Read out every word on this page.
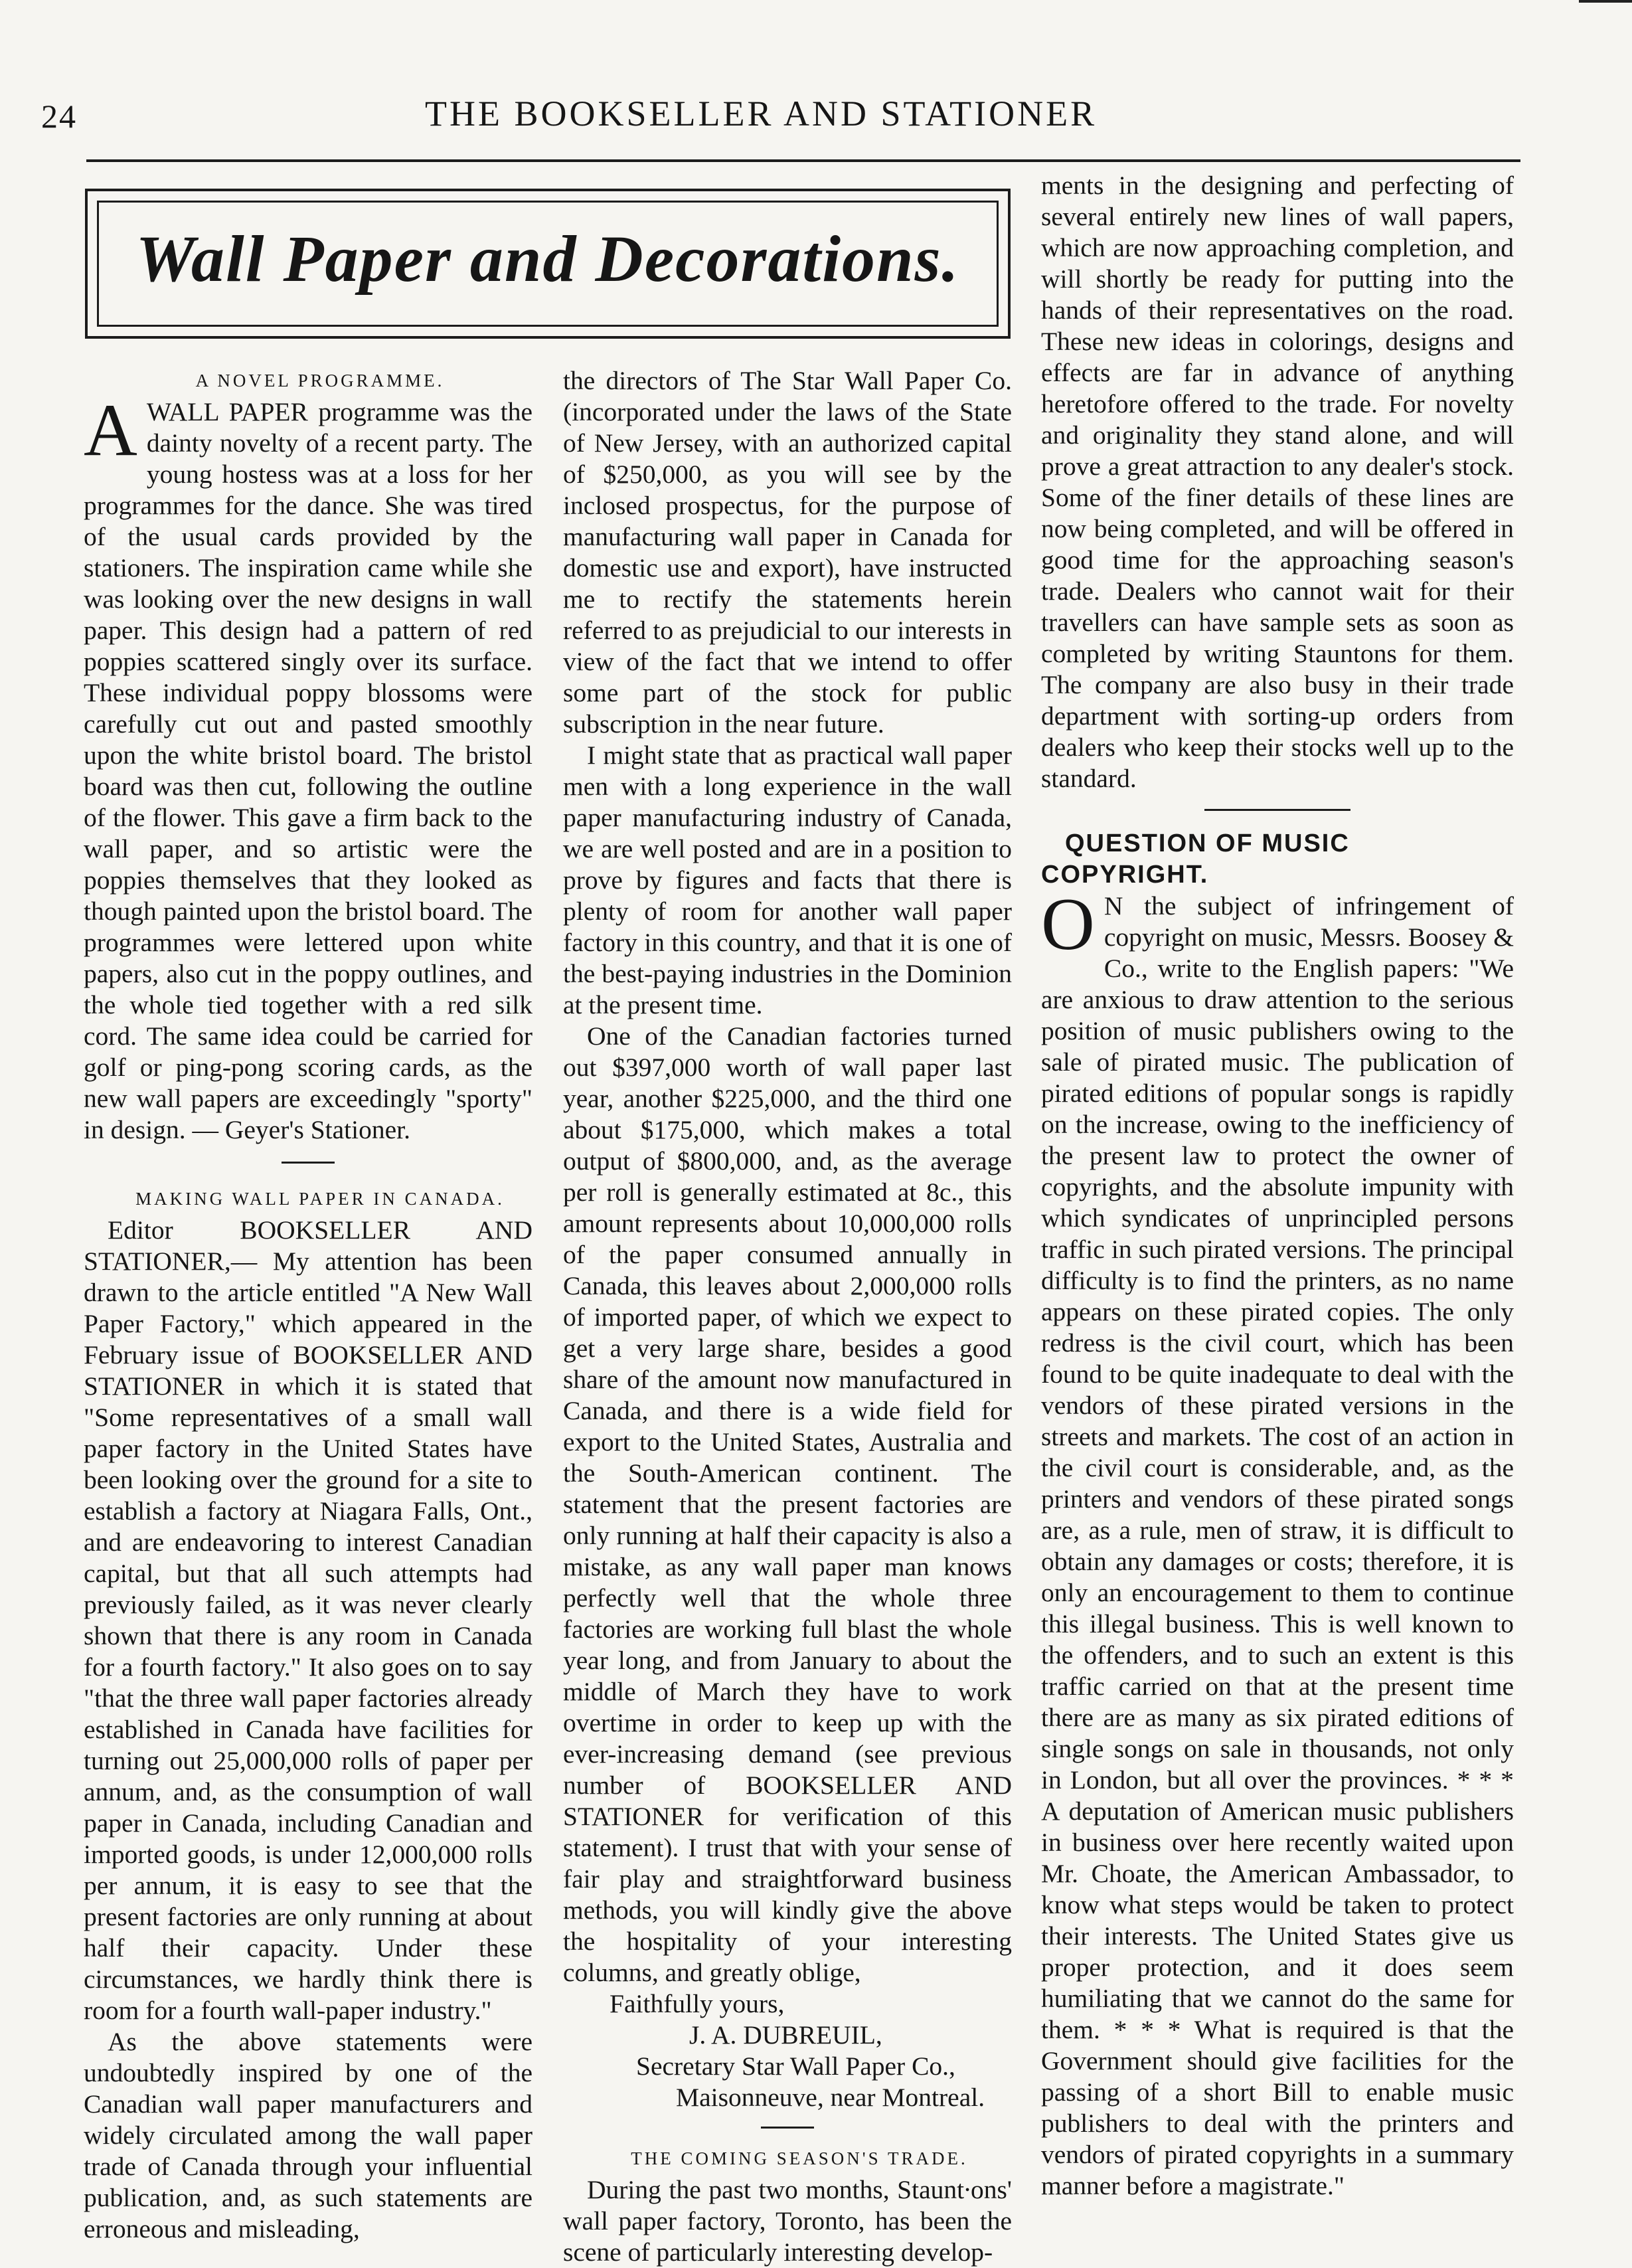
24	THE BOOKSELLER AND STATIONER
Wall Paper and Decorations.

A NOVEL PROGRAMME.

AWALL PAPER programme was the dainty novelty of a recent party. The young hostess was at a loss for her programmes for the dance. She was tired of the usual cards provided by the stationers. The inspiration came while she was looking over the new designs in wall paper. This design had a pattern of red poppies scattered singly over its surface. These individual poppy blossoms were carefully cut out and pasted smoothly upon the white bristol board. The bristol board was then cut, following the outline of the flower. This gave a firm back to the wall paper, and so artistic were the poppies themselves that they looked as though painted upon the bristol board. The programmes were lettered upon white papers, also cut in the poppy outlines, and the whole tied together with a red silk cord. The same idea could be carried for golf or ping-pong scoring cards, as the new wall papers are exceedingly "sporty" in design. — Geyer's Stationer.

MAKING WALL PAPER IN CANADA.

Editor BOOKSELLER AND STATIONER,— My attention has been drawn to the article entitled "A New Wall Paper Factory," which appeared in the February issue of BOOKSELLER AND STATIONER in which it is stated that "Some representatives of a small wall paper factory in the United States have been looking over the ground for a site to establish a factory at Niagara Falls, Ont., and are endeavoring to interest Canadian capital, but that all such attempts had previously failed, as it was never clearly shown that there is any room in Canada for a fourth factory." It also goes on to say "that the three wall paper factories already established in Canada have facilities for turning out 25,000,000 rolls of paper per annum, and, as the consumption of wall paper in Canada, including Canadian and imported goods, is under 12,000,000 rolls per annum, it is easy to see that the present factories are only running at about half their capacity. Under these circumstances, we hardly think there is room for a fourth wall-paper industry."

As the above statements were undoubtedly inspired by one of the Canadian wall paper manufacturers and widely circulated among the wall paper trade of Canada through your influential publication, and, as such statements are erroneous and misleading,

the directors of The Star Wall Paper Co. (incorporated under the laws of the State of New Jersey, with an authorized capital of $250,000, as you will see by the inclosed prospectus, for the purpose of manufacturing wall paper in Canada for domestic use and export), have instructed me to rectify the statements herein referred to as prejudicial to our interests in view of the fact that we intend to offer some part of the stock for public subscription in the near future.

I might state that as practical wall paper men with a long experience in the wall paper manufacturing industry of Canada, we are well posted and are in a position to prove by figures and facts that there is plenty of room for another wall paper factory in this country, and that it is one of the best-paying industries in the Dominion at the present time.

One of the Canadian factories turned out $397,000 worth of wall paper last year, another $225,000, and the third one about $175,000, which makes a total output of $800,000, and, as the average per roll is generally estimated at 8c., this amount represents about 10,000,000 rolls of the paper consumed annually in Canada, this leaves about 2,000,000 rolls of imported paper, of which we expect to get a very large share, besides a good share of the amount now manufactured in Canada, and there is a wide field for export to the United States, Australia and the South-American continent. The statement that the present factories are only running at half their capacity is also a mistake, as any wall paper man knows perfectly well that the whole three factories are working full blast the whole year long, and from January to about the middle of March they have to work overtime in order to keep up with the ever-increasing demand (see previous number of BOOKSELLER AND STATIONER for verification of this statement). I trust that with your sense of fair play and straightforward business methods, you will kindly give the above the hospitality of your interesting columns, and greatly oblige,

Faithfully yours,
J. A. DUBREUIL,
Secretary Star Wall Paper Co.,
Maisonneuve, near Montreal.

THE COMING SEASON'S TRADE.

During the past two months, Staunt∙ons' wall paper factory, Toronto, has been the scene of particularly interesting develop-

ments in the designing and perfecting of several entirely new lines of wall papers, which are now approaching completion, and will shortly be ready for putting into the hands of their representatives on the road. These new ideas in colorings, designs and effects are far in advance of anything heretofore offered to the trade. For novelty and originality they stand alone, and will prove a great attraction to any dealer's stock. Some of the finer details of these lines are now being completed, and will be offered in good time for the approaching season's trade. Dealers who cannot wait for their travellers can have sample sets as soon as completed by writing Stauntons for them. The company are also busy in their trade department with sorting-up orders from dealers who keep their stocks well up to the standard.

QUESTION OF MUSIC COPYRIGHT.

O N the subject of infringement of copyright on music, Messrs. Boosey & Co., write to the English papers: "We are anxious to draw attention to the serious position of music publishers owing to the sale of pirated music. The publication of pirated editions of popular songs is rapidly on the increase, owing to the inefficiency of the present law to protect the owner of copyrights, and the absolute impunity with which syndicates of unprincipled persons traffic in such pirated versions. The principal difficulty is to find the printers, as no name appears on these pirated copies. The only redress is the civil court, which has been found to be quite inadequate to deal with the vendors of these pirated versions in the streets and markets. The cost of an action in the civil court is considerable, and, as the printers and vendors of these pirated songs are, as a rule, men of straw, it is difficult to obtain any damages or costs; therefore, it is only an encouragement to them to continue this illegal business. This is well known to the offenders, and to such an extent is this traffic carried on that at the present time there are as many as six pirated editions of single songs on sale in thousands, not only in London, but all over the provinces. * * * A deputation of American music publishers in business over here recently waited upon Mr. Choate, the American Ambassador, to know what steps would be taken to protect their interests. The United States give us proper protection, and it does seem humiliating that we cannot do the same for them. * * * What is required is that the Government should give facilities for the passing of a short Bill to enable music publishers to deal with the printers and vendors of pirated copyrights in a summary manner before a magistrate."
